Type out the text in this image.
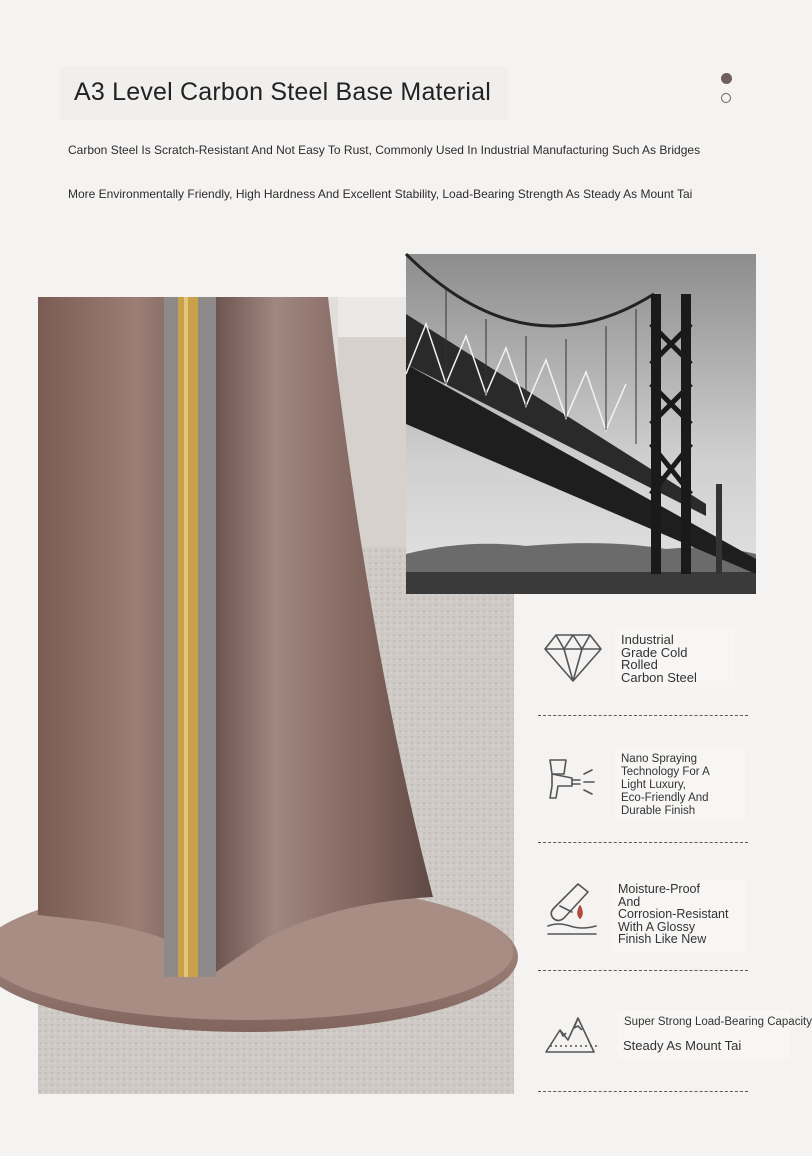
A3 Level Carbon Steel Base Material
Carbon Steel Is Scratch-Resistant And Not Easy To Rust, Commonly Used In Industrial Manufacturing Such As Bridges
More Environmentally Friendly, High Hardness And Excellent Stability, Load-Bearing Strength As Steady As Mount Tai
Industrial
Grade Cold
Rolled
Carbon Steel
Nano Spraying
Technology For A
Light Luxury,
Eco-Friendly And
Durable Finish
Moisture-Proof
And
Corrosion-Resistant
With A Glossy
Finish Like New
Super Strong Load-Bearing Capacity
Steady As Mount Tai
